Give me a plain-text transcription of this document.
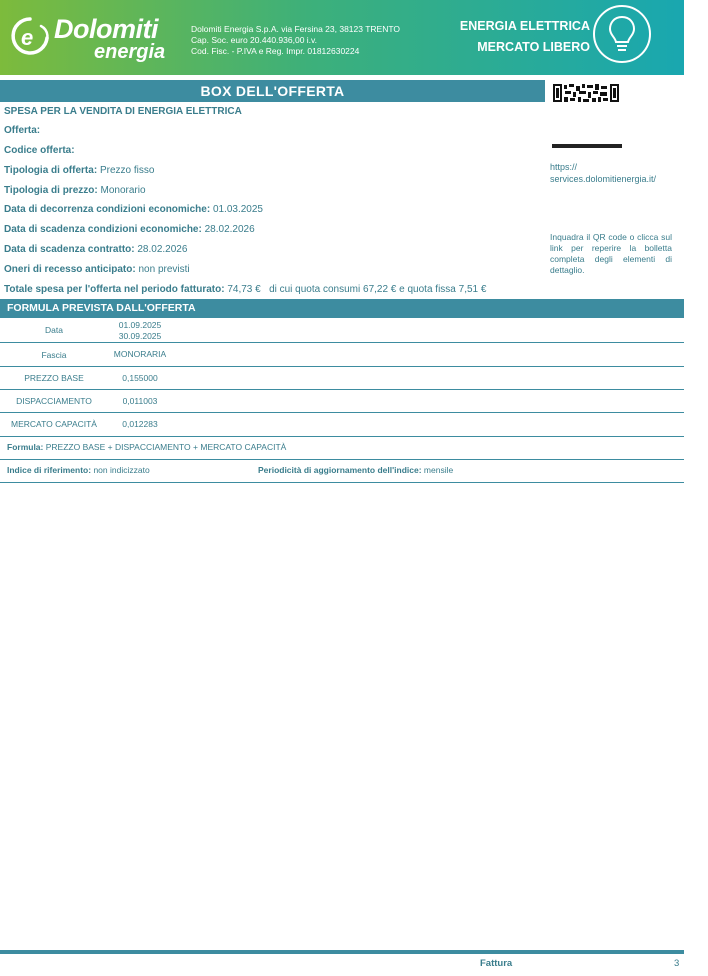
e Dolomiti
energia
Dolomiti Energia S.p.A. via Fersina 23, 38123 TRENTO
Cap. Soc. euro 20.440.936,00 i.v.
Cod. Fisc. - P.IVA e Reg. Impr. 01812630224
ENERGIA ELETTRICA
MERCATO LIBERO
BOX DELL'OFFERTA
https://
services.dolomitienergia.it/
Inquadra il QR code o clicca sul link per reperire la bolletta completa degli elementi di dettaglio.
SPESA PER LA VENDITA DI ENERGIA ELETTRICA
Offerta:
Codice offerta:
Tipologia di offerta: Prezzo fisso
Tipologia di prezzo: Monorario
Data di decorrenza condizioni economiche: 01.03.2025
Data di scadenza condizioni economiche: 28.02.2026
Data di scadenza contratto: 28.02.2026
Oneri di recesso anticipato: non previsti
Totale spesa per l'offerta nel periodo fatturato: 74,73 € di cui quota consumi 67,22 € e quota fissa 7,51 €
FORMULA PREVISTA DALL'OFFERTA
Data	01.09.2025
30.09.2025
Fascia	MONORARIA
PREZZO BASE	0,155000
DISPACCIAMENTO	0,011003
MERCATO CAPACITÀ	0,012283
Formula: PREZZO BASE + DISPACCIAMENTO + MERCATO CAPACITÀ
Indice di riferimento: non indicizzato	Periodicità di aggiornamento dell'indice: mensile
Fattura	3
